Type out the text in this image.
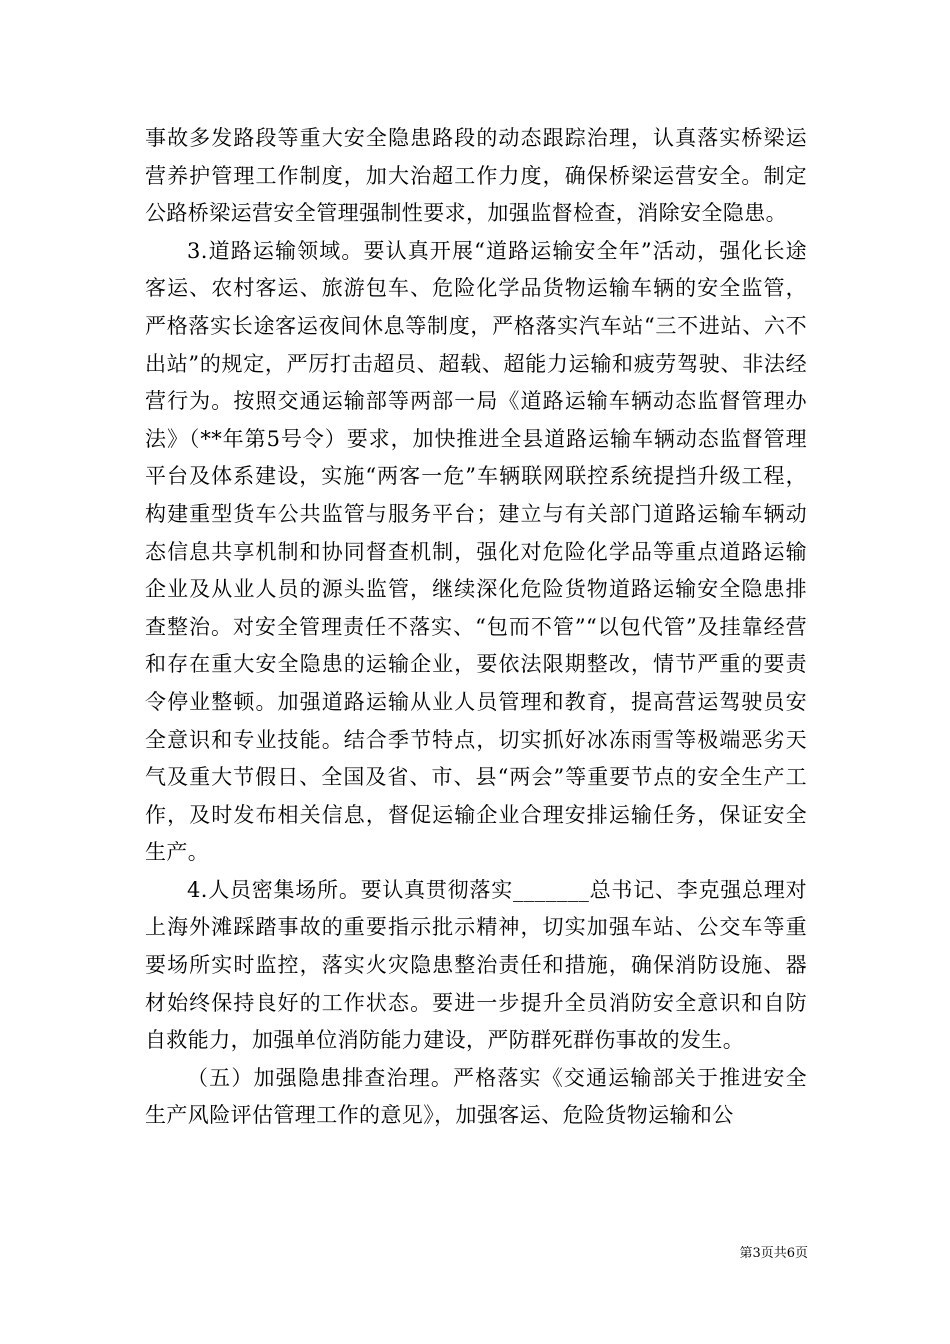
事故多发路段等重大安全隐患路段的动态跟踪治理，认真落实桥梁运营养护管理工作制度，加大治超工作力度，确保桥梁运营安全。制定公路桥梁运营安全管理强制性要求，加强监督检查，消除安全隐患。

3.道路运输领域。要认真开展“道路运输安全年”活动，强化长途客运、农村客运、旅游包车、危险化学品货物运输车辆的安全监管，严格落实长途客运夜间休息等制度，严格落实汽车站“三不进站、六不出站”的规定，严厉打击超员、超载、超能力运输和疲劳驾驶、非法经营行为。按照交通运输部等两部一局《道路运输车辆动态监督管理办法》（**年第5号令）要求，加快推进全县道路运输车辆动态监督管理平台及体系建设，实施“两客一危”车辆联网联控系统提挡升级工程，构建重型货车公共监管与服务平台；建立与有关部门道路运输车辆动态信息共享机制和协同督查机制，强化对危险化学品等重点道路运输企业及从业人员的源头监管，继续深化危险货物道路运输安全隐患排查整治。对安全管理责任不落实、“包而不管”“以包代管”及挂靠经营和存在重大安全隐患的运输企业，要依法限期整改，情节严重的要责令停业整顿。加强道路运输从业人员管理和教育，提高营运驾驶员安全意识和专业技能。结合季节特点，切实抓好冰冻雨雪等极端恶劣天气及重大节假日、全国及省、市、县“两会”等重要节点的安全生产工作，及时发布相关信息，督促运输企业合理安排运输任务，保证安全生产。

4.人员密集场所。要认真贯彻落实_______总书记、李克强总理对上海外滩踩踏事故的重要指示批示精神，切实加强车站、公交车等重要场所实时监控，落实火灾隐患整治责任和措施，确保消防设施、器材始终保持良好的工作状态。要进一步提升全员消防安全意识和自防自救能力，加强单位消防能力建设，严防群死群伤事故的发生。

（五）加强隐患排查治理。严格落实《交通运输部关于推进安全生产风险评估管理工作的意见》，加强客运、危险货物运输和公

第3页共6页
